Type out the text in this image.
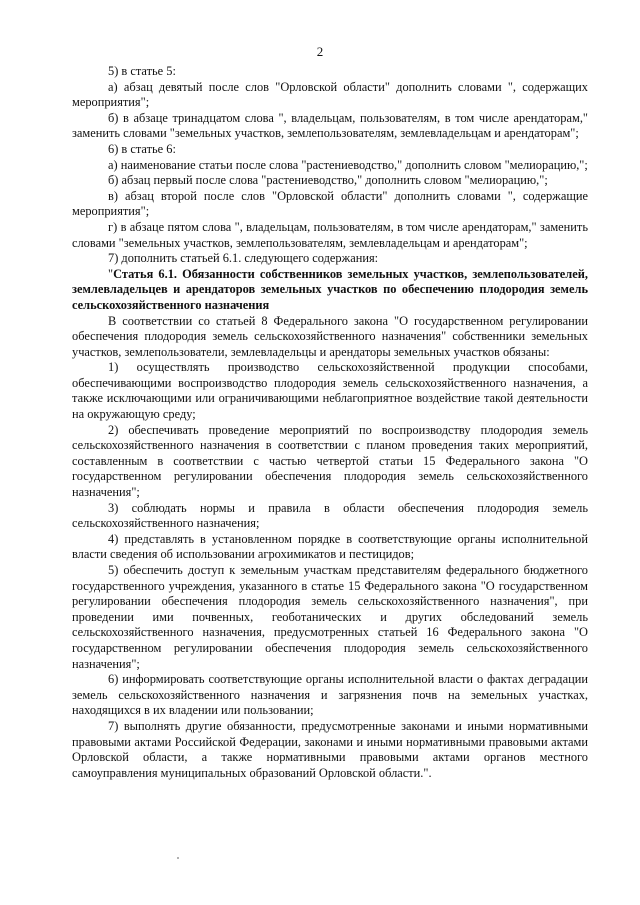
2

5) в статье 5:

а) абзац девятый после слов "Орловской области" дополнить словами ", содержащих мероприятия";

б) в абзаце тринадцатом слова ", владельцам, пользователям, в том числе арендаторам," заменить словами "земельных участков, землепользователям, землевладельцам и арендаторам";

6) в статье 6:

а) наименование статьи после слова "растениеводство," дополнить словом "мелиорацию,";

б) абзац первый после слова "растениеводство," дополнить словом "мелиорацию,";

в) абзац второй после слов "Орловской области" дополнить словами ", содержащие мероприятия";

г) в абзаце пятом слова ", владельцам, пользователям, в том числе арендаторам," заменить словами "земельных участков, землепользователям, землевладельцам и арендаторам";

7) дополнить статьей 6.1. следующего содержания:

"Статья 6.1. Обязанности собственников земельных участков, землепользователей, землевладельцев и арендаторов земельных участков по обеспечению плодородия земель сельскохозяйственного назначения

В соответствии со статьей 8 Федерального закона "О государственном регулировании обеспечения плодородия земель сельскохозяйственного назначения" собственники земельных участков, землепользователи, землевладельцы и арендаторы земельных участков обязаны:

1) осуществлять производство сельскохозяйственной продукции способами, обеспечивающими воспроизводство плодородия земель сельскохозяйственного назначения, а также исключающими или ограничивающими неблагоприятное воздействие такой деятельности на окружающую среду;

2) обеспечивать проведение мероприятий по воспроизводству плодородия земель сельскохозяйственного назначения в соответствии с планом проведения таких мероприятий, составленным в соответствии с частью четвертой статьи 15 Федерального закона "О государственном регулировании обеспечения плодородия земель сельскохозяйственного назначения";

3) соблюдать нормы и правила в области обеспечения плодородия земель сельскохозяйственного назначения;

4) представлять в установленном порядке в соответствующие органы исполнительной власти сведения об использовании агрохимикатов и пестицидов;

5) обеспечить доступ к земельным участкам представителям федерального бюджетного государственного учреждения, указанного в статье 15 Федерального закона "О государственном регулировании обеспечения плодородия земель сельскохозяйственного назначения", при проведении ими почвенных, геоботанических и других обследований земель сельскохозяйственного назначения, предусмотренных статьей 16 Федерального закона "О государственном регулировании обеспечения плодородия земель сельскохозяйственного назначения";

6) информировать соответствующие органы исполнительной власти о фактах деградации земель сельскохозяйственного назначения и загрязнения почв на земельных участках, находящихся в их владении или пользовании;

7) выполнять другие обязанности, предусмотренные законами и иными нормативными правовыми актами Российской Федерации, законами и иными нормативными правовыми актами Орловской области, а также нормативными правовыми актами органов местного самоуправления муниципальных образований Орловской области.".
